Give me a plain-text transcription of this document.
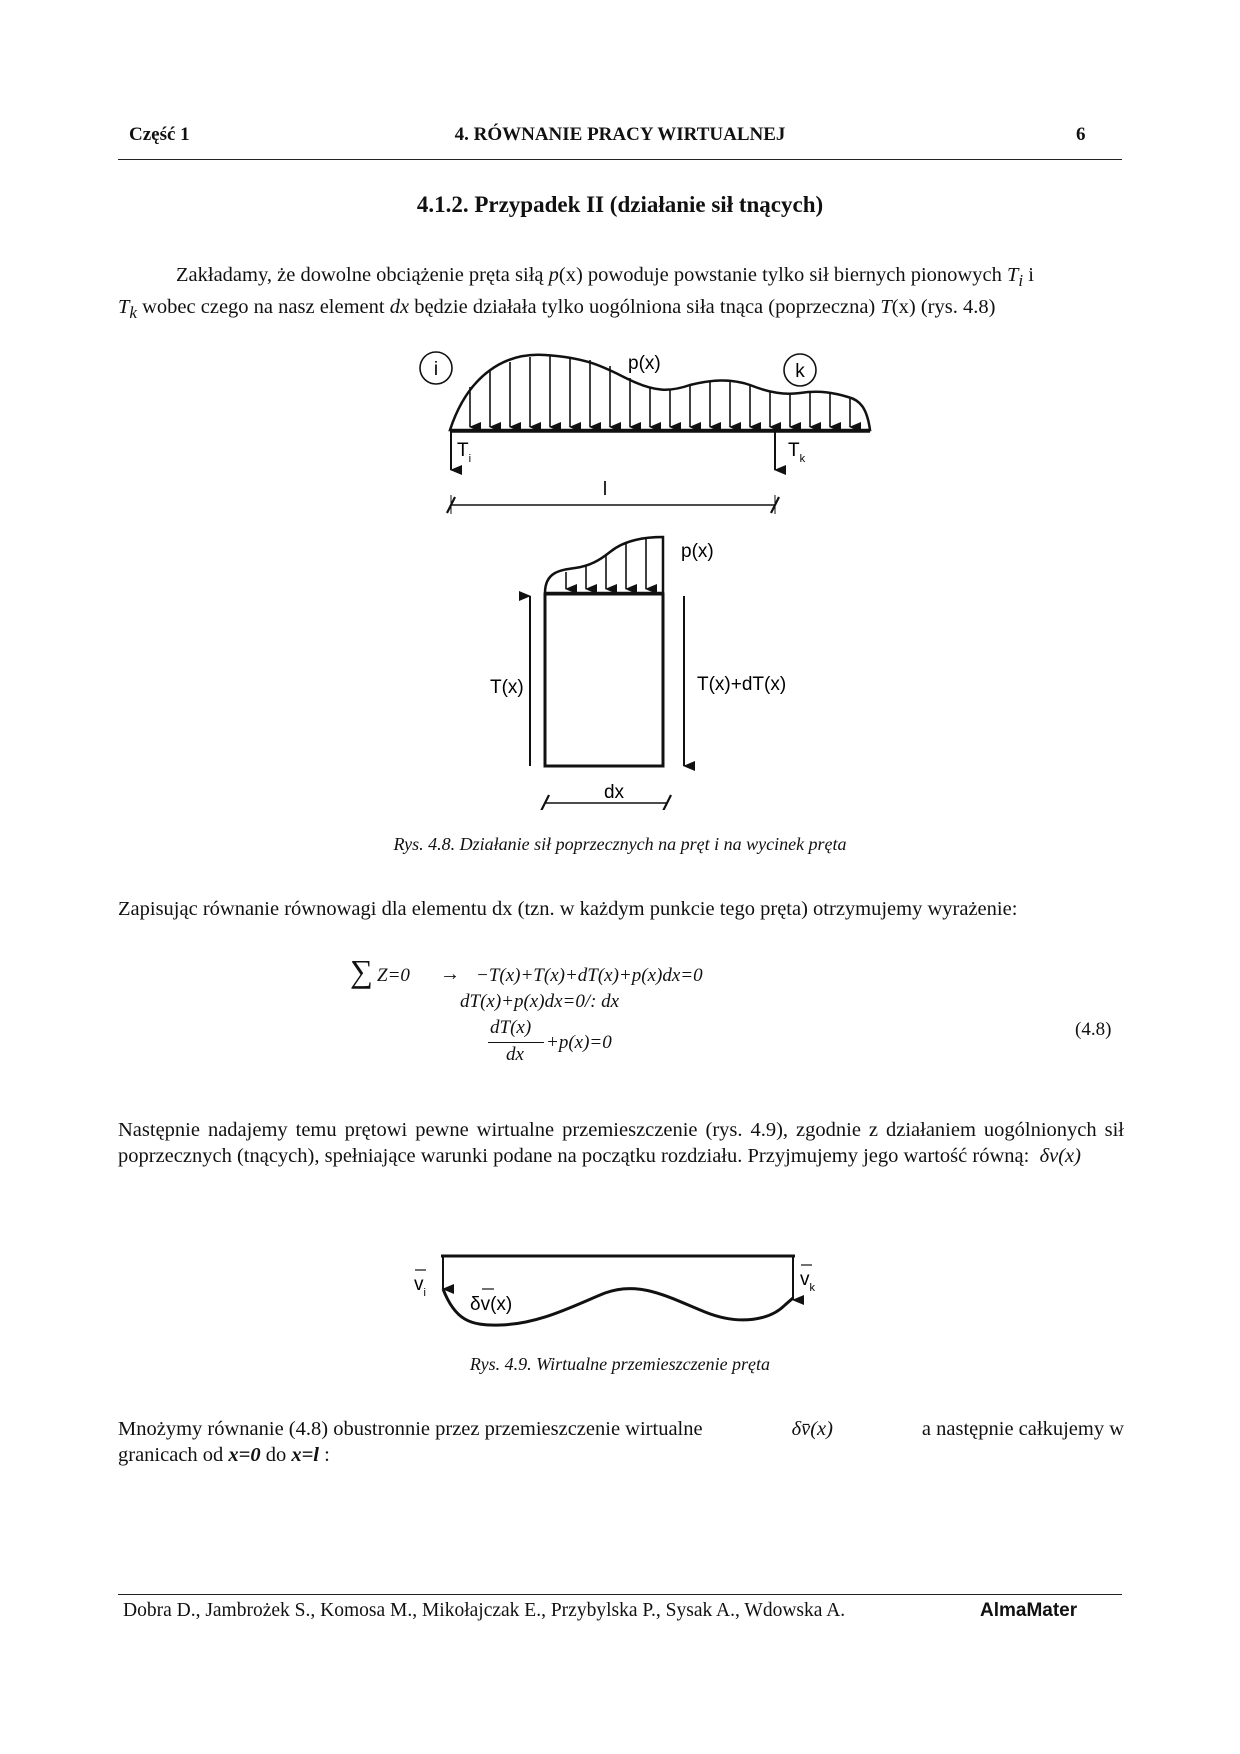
Część 1	4. RÓWNANIE PRACY WIRTUALNEJ	6
4.1.2. Przypadek II (działanie sił tnących)
Zakładamy, że dowolne obciążenie pręta siłą p(x) powoduje powstanie tylko sił biernych pionowych $T_i$ i
$T_k$ wobec czego na nasz element dx będzie działała tylko uogólniona siła tnąca (poprzeczna) T(x) (rys. 4.8)
i	k
p(x)
$T_i$	$T_k$
l
p(x)
T(x)	T(x)+dT(x)
dx
Rys. 4.8. Działanie sił poprzecznych na pręt i na wycinek pręta
Zapisując równanie równowagi dla elementu dx (tzn. w każdym punkcie tego pręta) otrzymujemy wyrażenie:
∑ Z=0 → −T(x)+T(x)+dT(x)+p(x)dx=0
dT(x)+p(x)dx=0/: dx
dT(x)
dx
+p(x)=0
(4.8)
Następnie nadajemy temu prętowi pewne wirtualne przemieszczenie (rys. 4.9), zgodnie z działaniem uogólnionych sił poprzecznych (tnących), spełniające warunki podane na początku rozdziału. Przyjmujemy jego wartość równą: δv(x)
$v_i$
$v_k$
δv(x)
Rys. 4.9. Wirtualne przemieszczenie pręta
Mnożymy równanie (4.8) obustronnie przez przemieszczenie wirtualne	δv̄(x)	a następnie całkujemy w
granicach od x=0 do x=l :
Dobra D., Jambrożek S., Komosa M., Mikołajczak E., Przybylska P., Sysak A., Wdowska A.	AlmaMater
